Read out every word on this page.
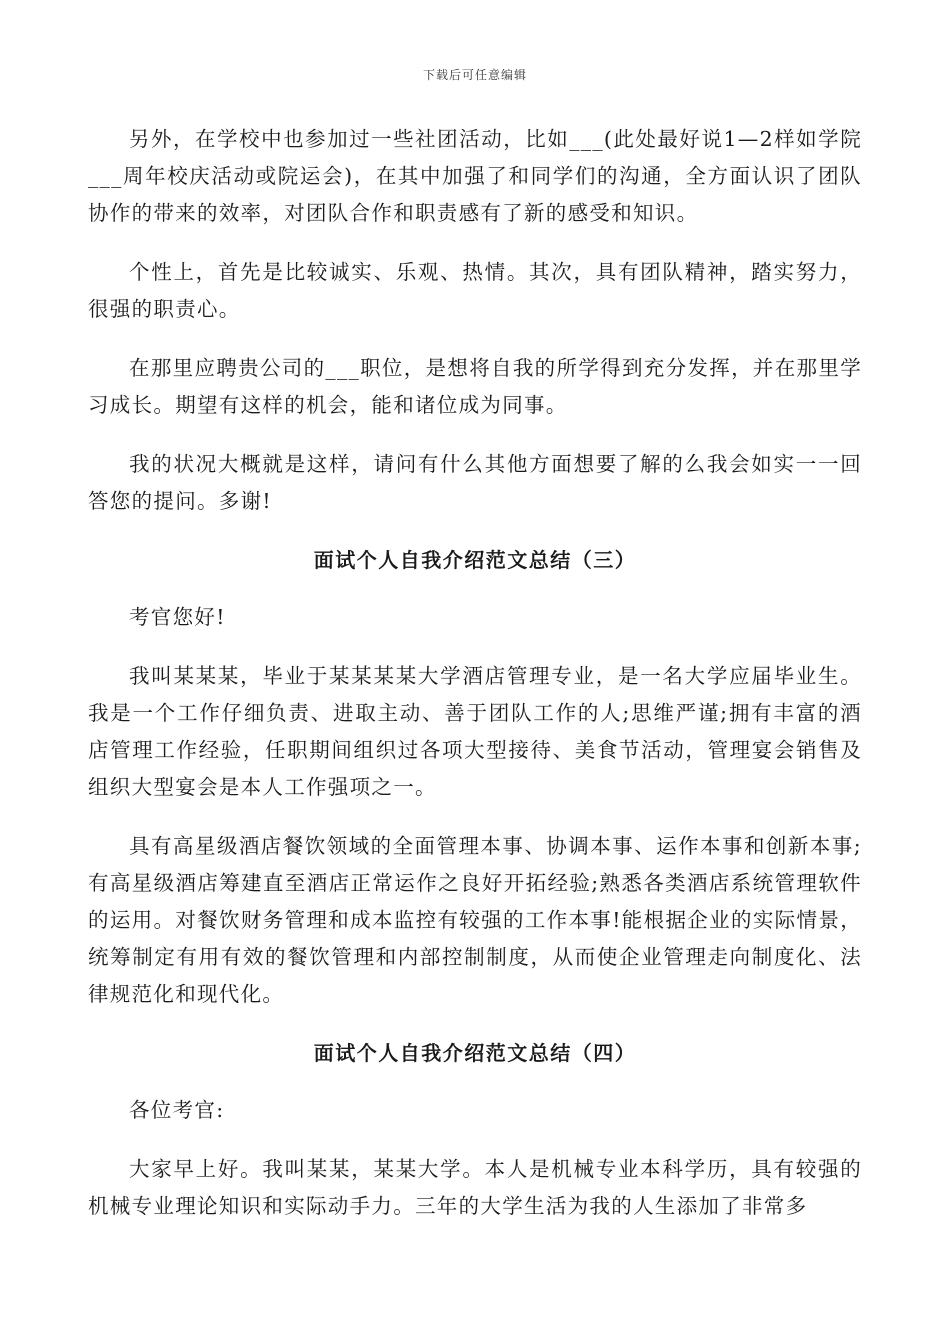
下载后可任意编辑

另外，在学校中也参加过一些社团活动，比如___(此处最好说1—2样如学院___周年校庆活动或院运会)，在其中加强了和同学们的沟通，全方面认识了团队协作的带来的效率，对团队合作和职责感有了新的感受和知识。

个性上，首先是比较诚实、乐观、热情。其次，具有团队精神，踏实努力，很强的职责心。

在那里应聘贵公司的___职位，是想将自我的所学得到充分发挥，并在那里学习成长。期望有这样的机会，能和诸位成为同事。

我的状况大概就是这样，请问有什么其他方面想要了解的么我会如实一一回答您的提问。多谢!

面试个人自我介绍范文总结（三）

考官您好!

我叫某某某，毕业于某某某某大学酒店管理专业，是一名大学应届毕业生。我是一个工作仔细负责、进取主动、善于团队工作的人;思维严谨;拥有丰富的酒店管理工作经验，任职期间组织过各项大型接待、美食节活动，管理宴会销售及组织大型宴会是本人工作强项之一。

具有高星级酒店餐饮领域的全面管理本事、协调本事、运作本事和创新本事;有高星级酒店筹建直至酒店正常运作之良好开拓经验;熟悉各类酒店系统管理软件的运用。对餐饮财务管理和成本监控有较强的工作本事!能根据企业的实际情景，统筹制定有用有效的餐饮管理和内部控制制度，从而使企业管理走向制度化、法律规范化和现代化。

面试个人自我介绍范文总结（四）

各位考官:

大家早上好。我叫某某，某某大学。本人是机械专业本科学历，具有较强的机械专业理论知识和实际动手力。三年的大学生活为我的人生添加了非常多
